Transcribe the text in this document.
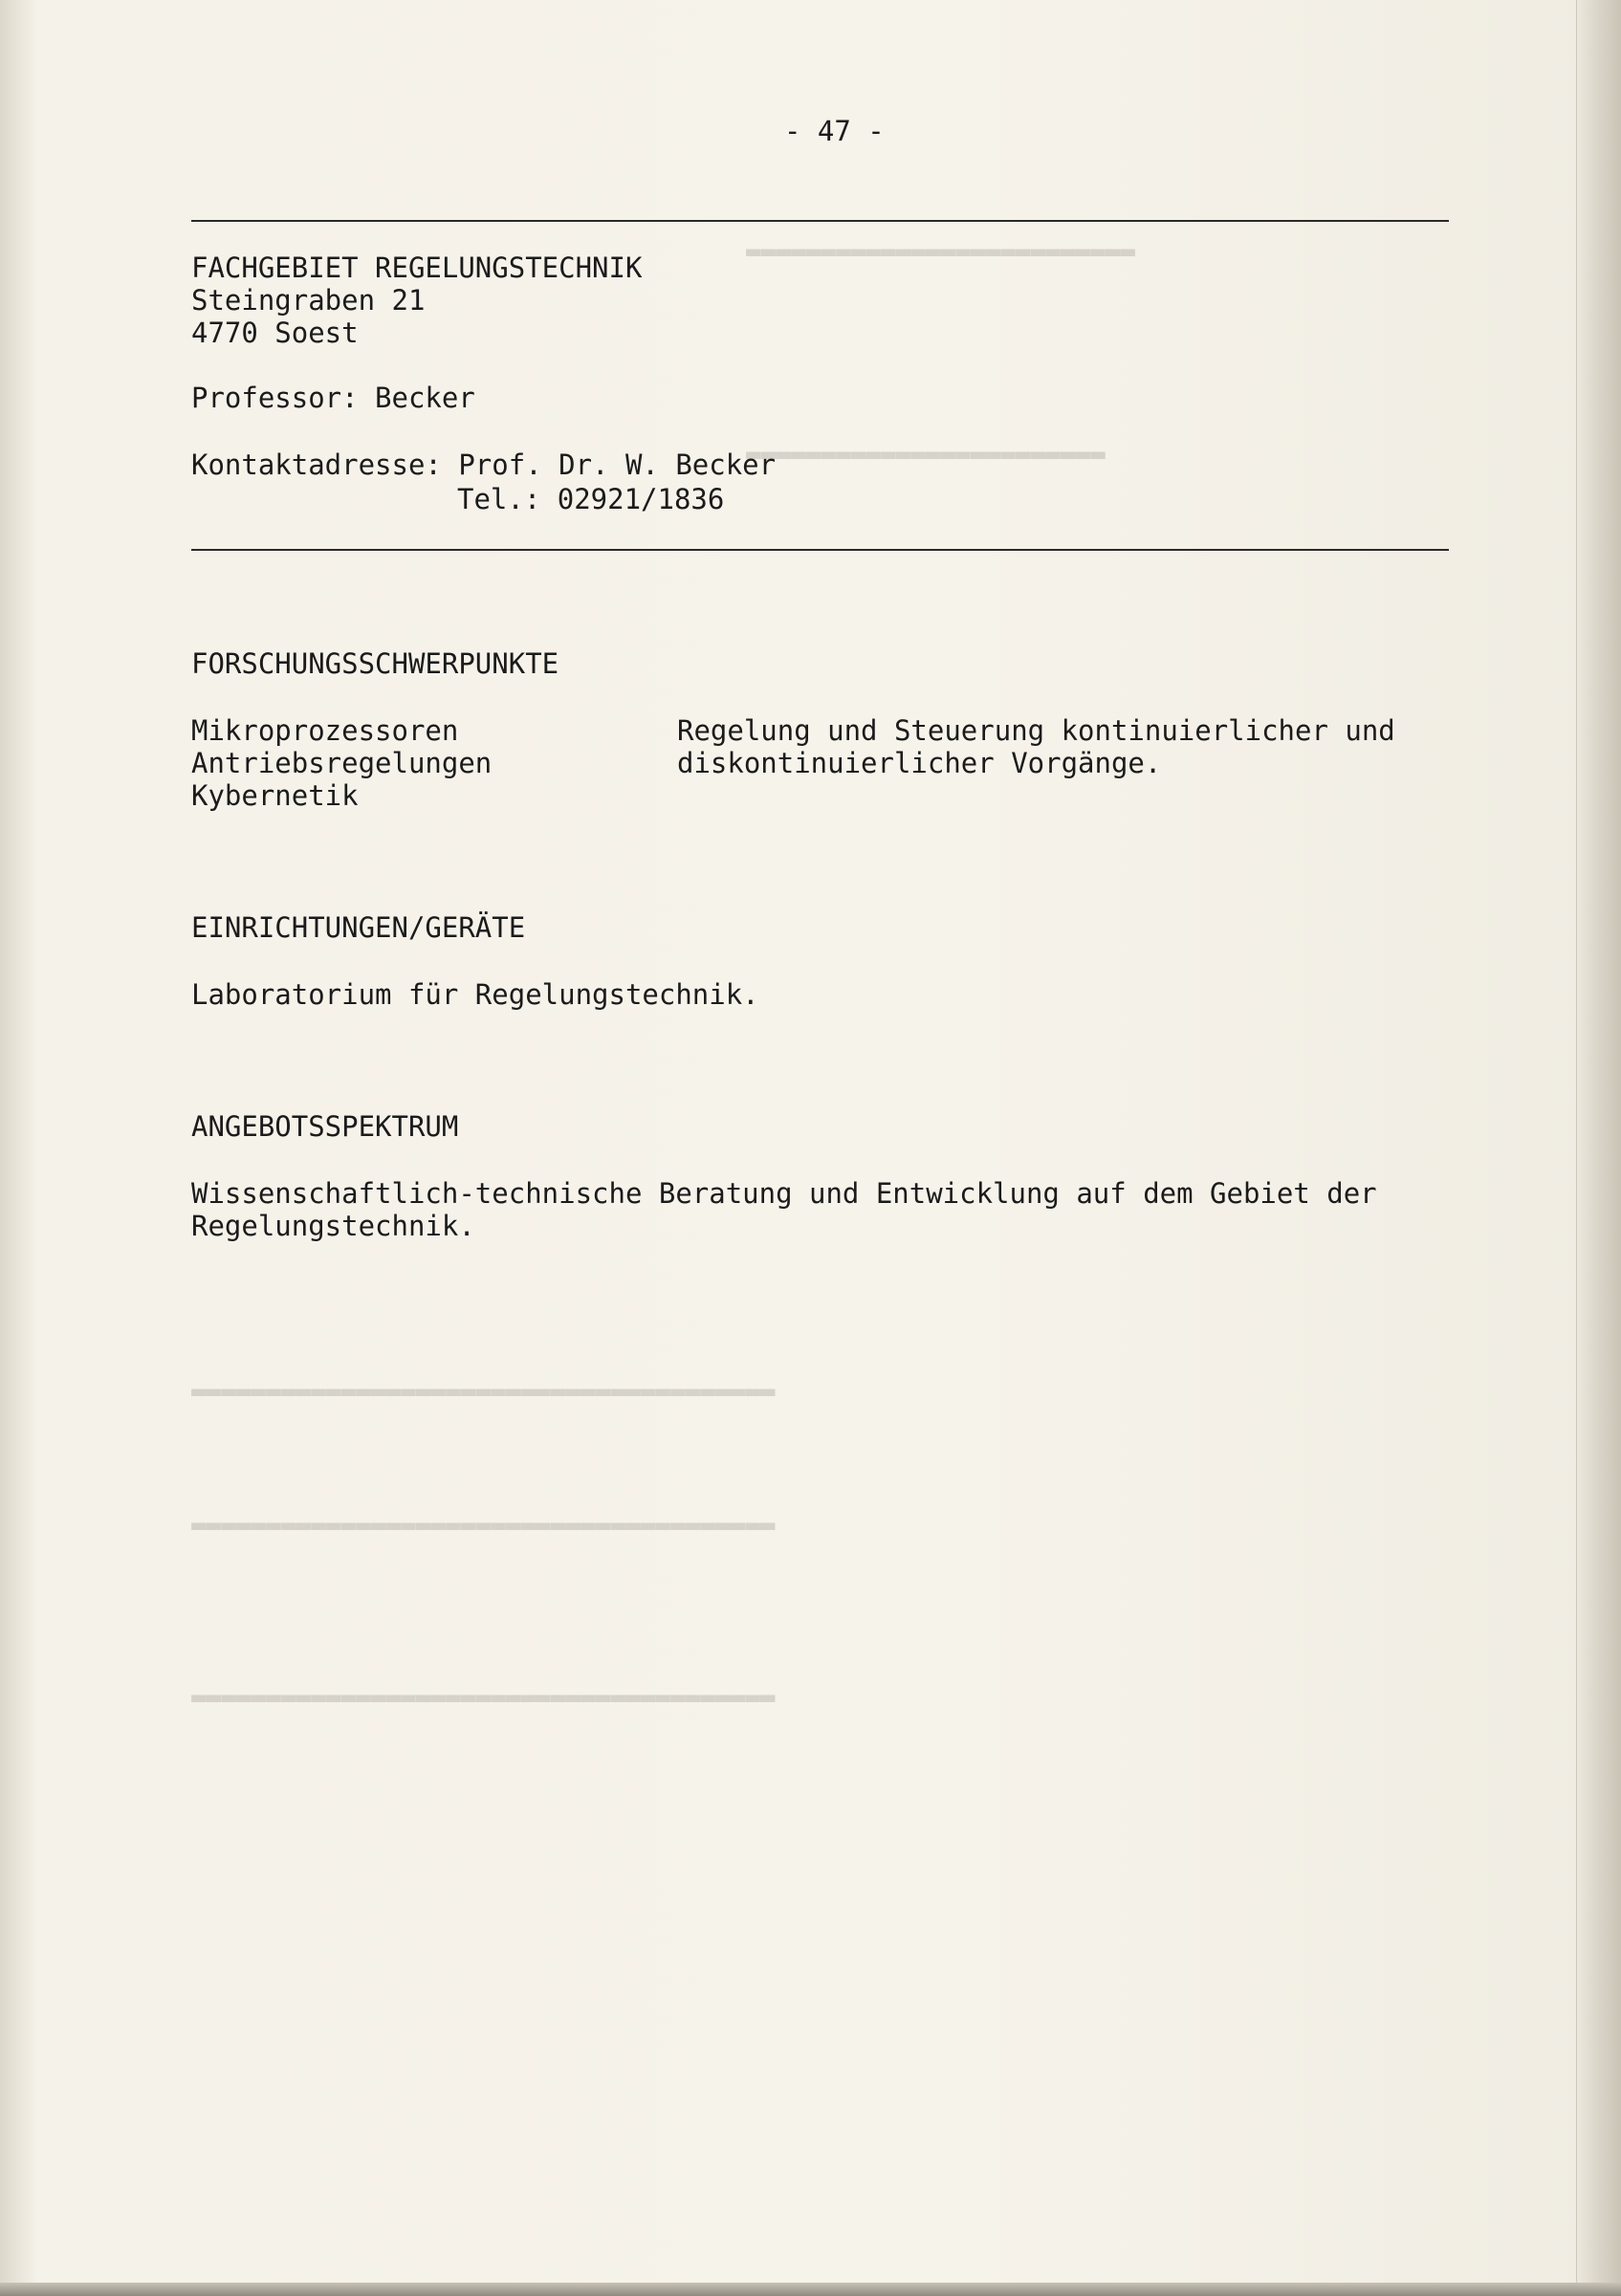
▬▬▬▬▬▬▬▬▬▬▬▬▬▬▬▬▬▬▬▬▬▬▬▬▬▬
▬▬▬▬▬▬▬▬▬▬▬▬▬▬▬▬▬▬▬▬▬▬▬▬
▬▬▬▬▬▬▬▬▬▬▬▬▬▬▬▬▬▬▬▬▬▬▬▬▬▬▬▬▬▬▬▬▬▬▬▬▬▬▬
▬▬▬▬▬▬▬▬▬▬▬▬▬▬▬▬▬▬▬▬▬▬▬▬▬▬▬▬▬▬▬▬▬▬▬▬▬▬▬
▬▬▬▬▬▬▬▬▬▬▬▬▬▬▬▬▬▬▬▬▬▬▬▬▬▬▬▬▬▬▬▬▬▬▬▬▬▬▬
- 47 -
FACHGEBIET REGELUNGSTECHNIK
Steingraben 21
4770 Soest
Professor: Becker
Kontaktadresse: Prof. Dr. W. Becker
Tel.: 02921/1836
FORSCHUNGSSCHWERPUNKTE
Mikroprozessoren
Antriebsregelungen
Kybernetik
Regelung und Steuerung kontinuierlicher und
diskontinuierlicher Vorgänge.
EINRICHTUNGEN/GERÄTE
Laboratorium für Regelungstechnik.
ANGEBOTSSPEKTRUM
Wissenschaftlich-technische Beratung und Entwicklung auf dem Gebiet der
Regelungstechnik.
